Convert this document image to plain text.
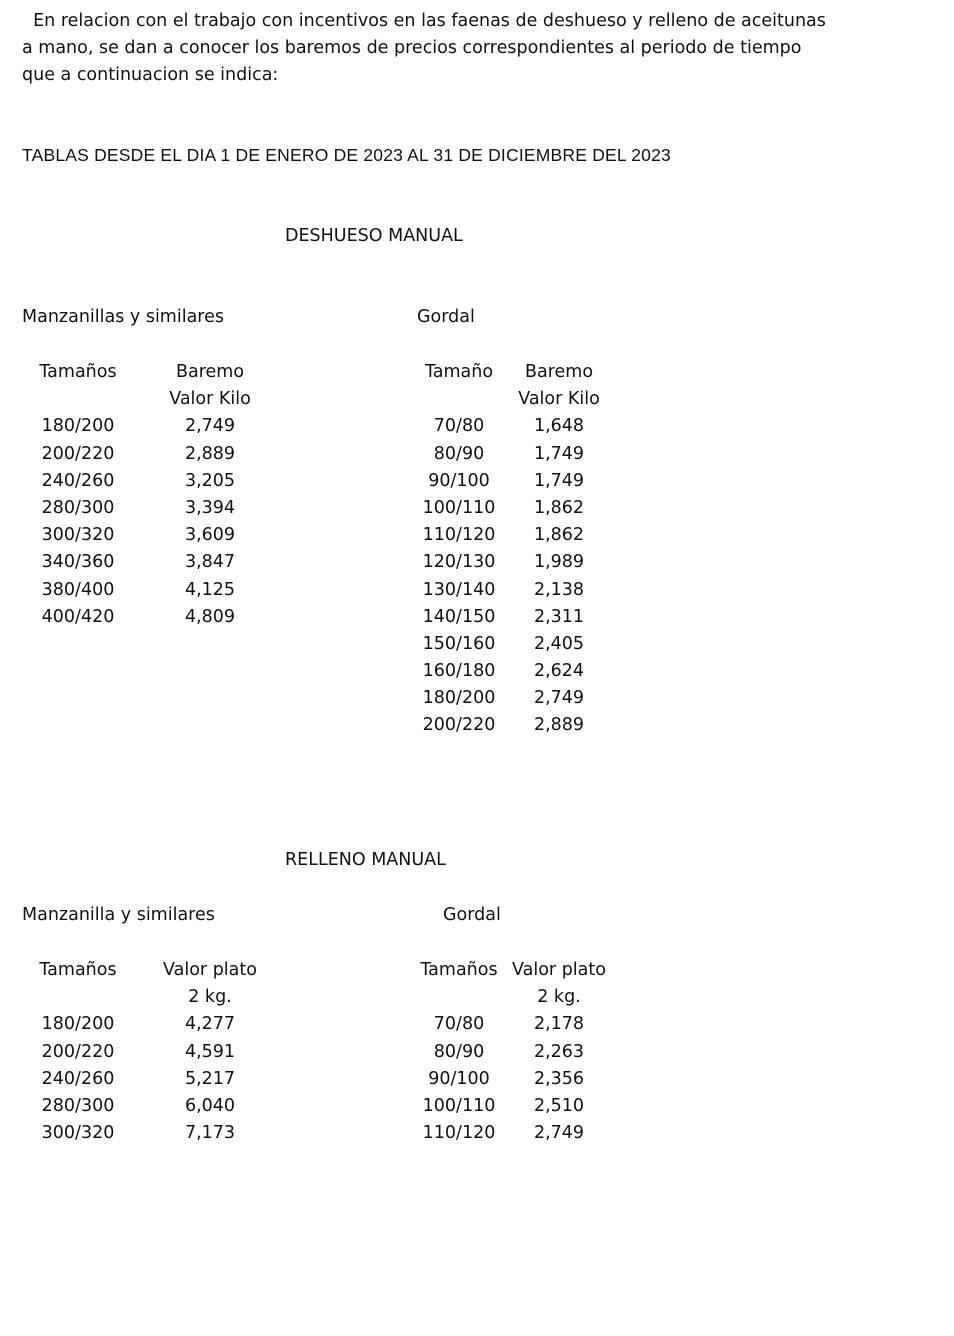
En relacion con el trabajo con incentivos en las faenas de deshueso y relleno de aceitunas
a mano, se dan a conocer los baremos de precios correspondientes al periodo de tiempo
que a continuacion se indica:
TABLAS DESDE EL DIA 1 DE ENERO DE 2023 AL 31 DE DICIEMBRE DEL 2023
DESHUESO MANUAL
Manzanillas y similares	Gordal
Tamaños
180/200
200/220
240/260
280/300
300/320
340/360
380/400
400/420
Baremo
Valor Kilo
2,749
2,889
3,205
3,394
3,609
3,847
4,125
4,809
Tamaño
70/80
80/90
90/100
100/110
110/120
120/130
130/140
140/150
150/160
160/180
180/200
200/220
Baremo
Valor Kilo
1,648
1,749
1,749
1,862
1,862
1,989
2,138
2,311
2,405
2,624
2,749
2,889
RELLENO MANUAL
Manzanilla y similares	Gordal
Tamaños
180/200
200/220
240/260
280/300
300/320
Valor plato
2 kg.
4,277
4,591
5,217
6,040
7,173
Tamaños
70/80
80/90
90/100
100/110
110/120
Valor plato
2 kg.
2,178
2,263
2,356
2,510
2,749
